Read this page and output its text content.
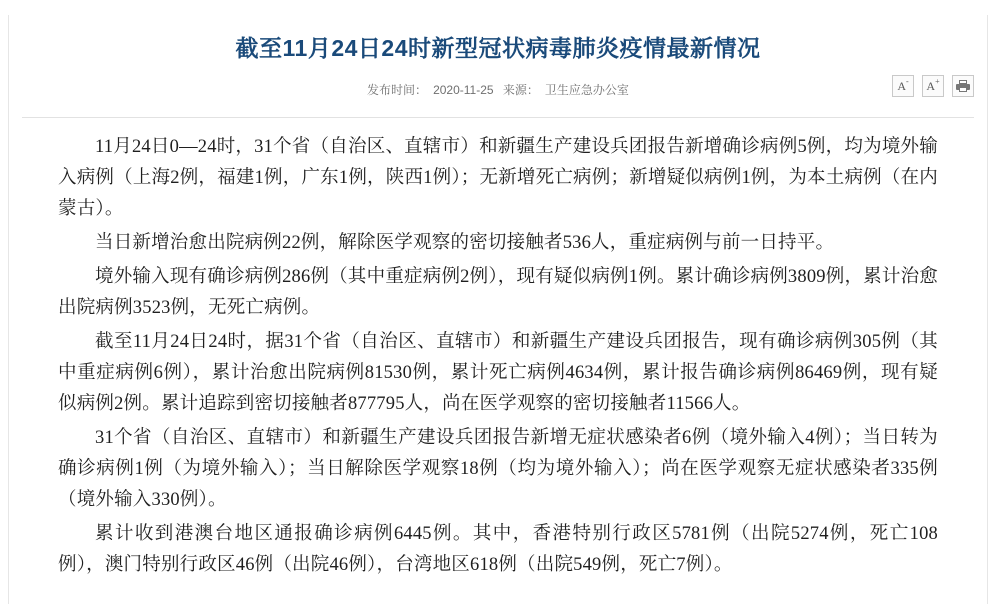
截至11月24日24时新型冠状病毒肺炎疫情最新情况
发布时间： 2020-11-25 来源： 卫生应急办公室	A - A +

11月24日0—24时，31个省（自治区、直辖市）和新疆生产建设兵团报告新增确诊病例5例，均为境外输入病例（上海2例，福建1例，广东1例，陕西1例）；无新增死亡病例；新增疑似病例1例，为本土病例（在内蒙古）。

当日新增治愈出院病例22例，解除医学观察的密切接触者536人，重症病例与前一日持平。

境外输入现有确诊病例286例（其中重症病例2例），现有疑似病例1例。累计确诊病例3809例，累计治愈出院病例3523例，无死亡病例。

截至11月24日24时，据31个省（自治区、直辖市）和新疆生产建设兵团报告，现有确诊病例305例（其中重症病例6例），累计治愈出院病例81530例，累计死亡病例4634例，累计报告确诊病例86469例，现有疑似病例2例。累计追踪到密切接触者877795人，尚在医学观察的密切接触者11566人。

31个省（自治区、直辖市）和新疆生产建设兵团报告新增无症状感染者6例（境外输入4例）；当日转为确诊病例1例（为境外输入）；当日解除医学观察18例（均为境外输入）；尚在医学观察无症状感染者335例（境外输入330例）。

累计收到港澳台地区通报确诊病例6445例。其中，香港特别行政区5781例（出院5274例，死亡108例），澳门特别行政区46例（出院46例），台湾地区618例（出院549例，死亡7例）。
